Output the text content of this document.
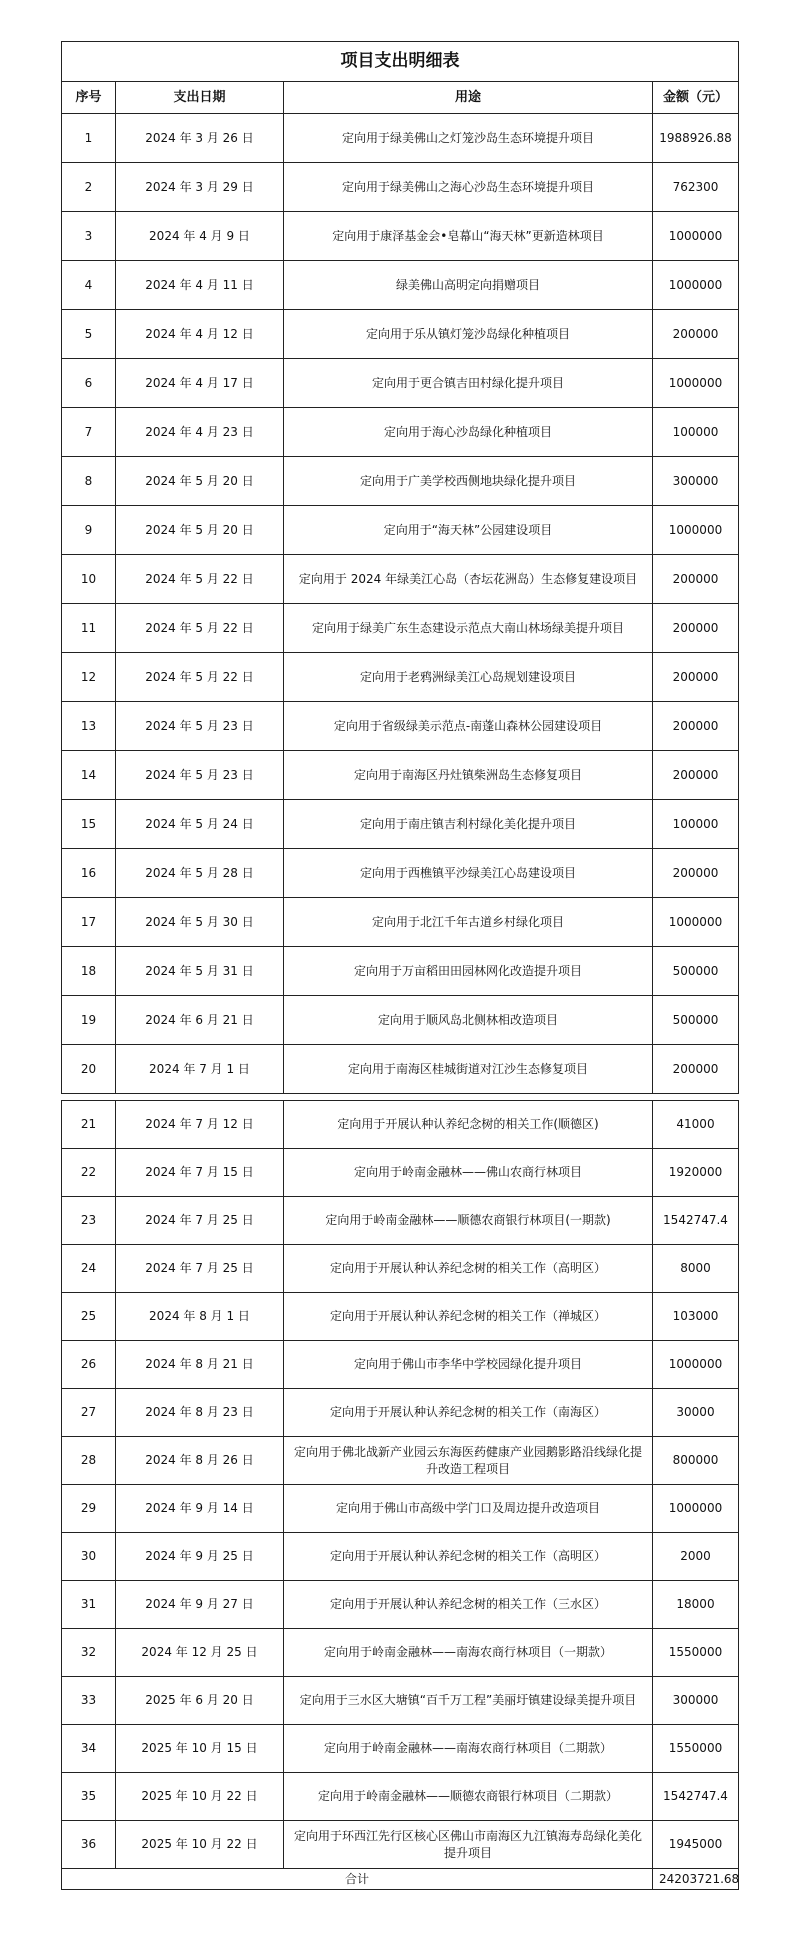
项目支出明细表			
序号	支出日期	用途	金额（元）
1	2024 年 3 月 26 日	定向用于绿美佛山之灯笼沙岛生态环境提升项目	1988926.88
2	2024 年 3 月 29 日	定向用于绿美佛山之海心沙岛生态环境提升项目	762300
3	2024 年 4 月 9 日	定向用于康泽基金会•皂幕山“海天林”更新造林项目	1000000
4	2024 年 4 月 11 日	绿美佛山高明定向捐赠项目	1000000
5	2024 年 4 月 12 日	定向用于乐从镇灯笼沙岛绿化种植项目	200000
6	2024 年 4 月 17 日	定向用于更合镇吉田村绿化提升项目	1000000
7	2024 年 4 月 23 日	定向用于海心沙岛绿化种植项目	100000
8	2024 年 5 月 20 日	定向用于广美学校西侧地块绿化提升项目	300000
9	2024 年 5 月 20 日	定向用于“海天林”公园建设项目	1000000
10	2024 年 5 月 22 日	定向用于 2024 年绿美江心岛（杏坛花洲岛）生态修复建设项目	200000
11	2024 年 5 月 22 日	定向用于绿美广东生态建设示范点大南山林场绿美提升项目	200000
12	2024 年 5 月 22 日	定向用于老鸦洲绿美江心岛规划建设项目	200000
13	2024 年 5 月 23 日	定向用于省级绿美示范点-南蓬山森林公园建设项目	200000
14	2024 年 5 月 23 日	定向用于南海区丹灶镇柴洲岛生态修复项目	200000
15	2024 年 5 月 24 日	定向用于南庄镇吉利村绿化美化提升项目	100000
16	2024 年 5 月 28 日	定向用于西樵镇平沙绿美江心岛建设项目	200000
17	2024 年 5 月 30 日	定向用于北江千年古道乡村绿化项目	1000000
18	2024 年 5 月 31 日	定向用于万亩稻田田园林网化改造提升项目	500000
19	2024 年 6 月 21 日	定向用于顺风岛北侧林相改造项目	500000
20	2024 年 7 月 1 日	定向用于南海区桂城街道对江沙生态修复项目	200000
21	2024 年 7 月 12 日	定向用于开展认种认养纪念树的相关工作(顺德区)	41000
22	2024 年 7 月 15 日	定向用于岭南金融林——佛山农商行林项目	1920000
23	2024 年 7 月 25 日	定向用于岭南金融林——顺德农商银行林项目(一期款)	1542747.4
24	2024 年 7 月 25 日	定向用于开展认种认养纪念树的相关工作（高明区）	8000
25	2024 年 8 月 1 日	定向用于开展认种认养纪念树的相关工作（禅城区）	103000
26	2024 年 8 月 21 日	定向用于佛山市李华中学校园绿化提升项目	1000000
27	2024 年 8 月 23 日	定向用于开展认种认养纪念树的相关工作（南海区）	30000
28	2024 年 8 月 26 日	定向用于佛北战新产业园云东海医药健康产业园鹅影路沿线绿化提升改造工程项目	800000
29	2024 年 9 月 14 日	定向用于佛山市高级中学门口及周边提升改造项目	1000000
30	2024 年 9 月 25 日	定向用于开展认种认养纪念树的相关工作（高明区）	2000
31	2024 年 9 月 27 日	定向用于开展认种认养纪念树的相关工作（三水区）	18000
32	2024 年 12 月 25 日	定向用于岭南金融林——南海农商行林项目（一期款）	1550000
33	2025 年 6 月 20 日	定向用于三水区大塘镇“百千万工程”美丽圩镇建设绿美提升项目	300000
34	2025 年 10 月 15 日	定向用于岭南金融林——南海农商行林项目（二期款）	1550000
35	2025 年 10 月 22 日	定向用于岭南金融林——顺德农商银行林项目（二期款）	1542747.4
36	2025 年 10 月 22 日	定向用于环西江先行区核心区佛山市南海区九江镇海寿岛绿化美化提升项目	1945000
合计			24203721.68
